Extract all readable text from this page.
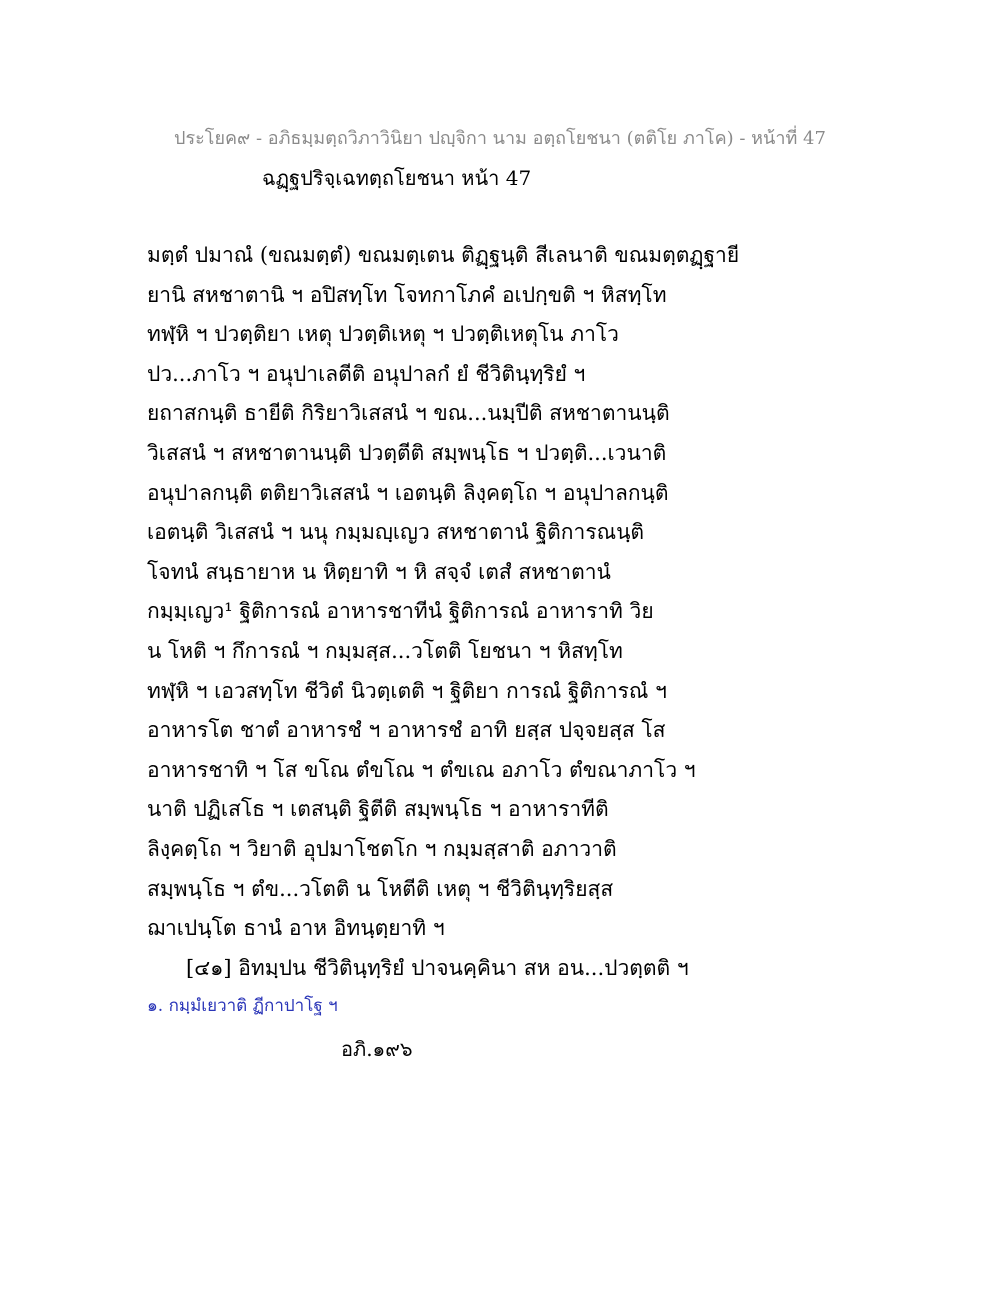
ประโยค๙ - อภิธมฺมตฺถวิภาวินิยา ปญฺจิกา นาม อตฺถโยชนา (ตติโย ภาโค) - หน้าที่ 47
ฉฏฺฐปริจฺเฉทตฺถโยชนา หน้า 47
มตฺตํ ปมาณํ (ขณมตฺตํ) ขณมตฺเตน ติฏฺฐนฺติ สีเลนาติ ขณมตฺตฏฺฐายี
ยานิ สหชาตานิ ฯ อปิสทฺโท โจทกาโภคํ อเปกฺขติ ฯ หิสทฺโท
ทฬฺหิ ฯ ปวตฺติยา เหตุ ปวตฺติเหตุ ฯ ปวตฺติเหตุโน ภาโว
ปว...ภาโว ฯ อนุปาเลตีติ อนุปาลกํ ยํ ชีวิตินฺทฺริยํ ฯ
ยถาสกนฺติ ธายีติ กิริยาวิเสสนํ ฯ ขณ...นมฺปีติ สหชาตานนฺติ
วิเสสนํ ฯ สหชาตานนฺติ ปวตฺตีติ สมฺพนฺโธ ฯ ปวตฺติ...เวนาติ
อนุปาลกนฺติ ตติยาวิเสสนํ ฯ เอตนฺติ ลิงฺคตฺโถ ฯ อนุปาลกนฺติ
เอตนฺติ วิเสสนํ ฯ นนุ กมฺมญฺเญว สหชาตานํ ฐิติการณนฺติ
โจทนํ สนฺธายาห น หิตฺยาทิ ฯ หิ สจฺจํ เตสํ สหชาตานํ
กมฺมฺเญว¹ ฐิติการณํ อาหารชาทีนํ ฐิติการณํ อาหาราทิ วิย
น โหติ ฯ กึการณํ ฯ กมฺมสฺส...วโตติ โยชนา ฯ หิสทฺโท
ทฬฺหิ ฯ เอวสทฺโท ชีวิตํ นิวตฺเตติ ฯ ฐิติยา การณํ ฐิติการณํ ฯ
อาหารโต ชาตํ อาหารชํ ฯ อาหารชํ อาทิ ยสฺส ปจฺจยสฺส โส
อาหารชาทิ ฯ โส ขโณ ตํขโณ ฯ ตํขเณ อภาโว ตํขณาภาโว ฯ
นาติ ปฏิเสโธ ฯ เตสนฺติ ฐิตีติ สมฺพนฺโธ ฯ อาหาราทีติ
ลิงฺคตฺโถ ฯ วิยาติ อุปมาโชตโก ฯ กมฺมสฺสาติ อภาวาติ
สมฺพนฺโธ ฯ ตํข...วโตติ น โหตีติ เหตุ ฯ ชีวิตินฺทฺริยสฺส
ฌาเปนฺโต ธานํ อาห อิทนฺตฺยาทิ ฯ
[๔๑] อิทมฺปน ชีวิตินฺทฺริยํ ปาจนคฺคินา สห อน...ปวตฺตติ ฯ
๑. กมฺมํเยวาติ ฏีกาปาโฐ ฯ
อภิ.๑๙๖
